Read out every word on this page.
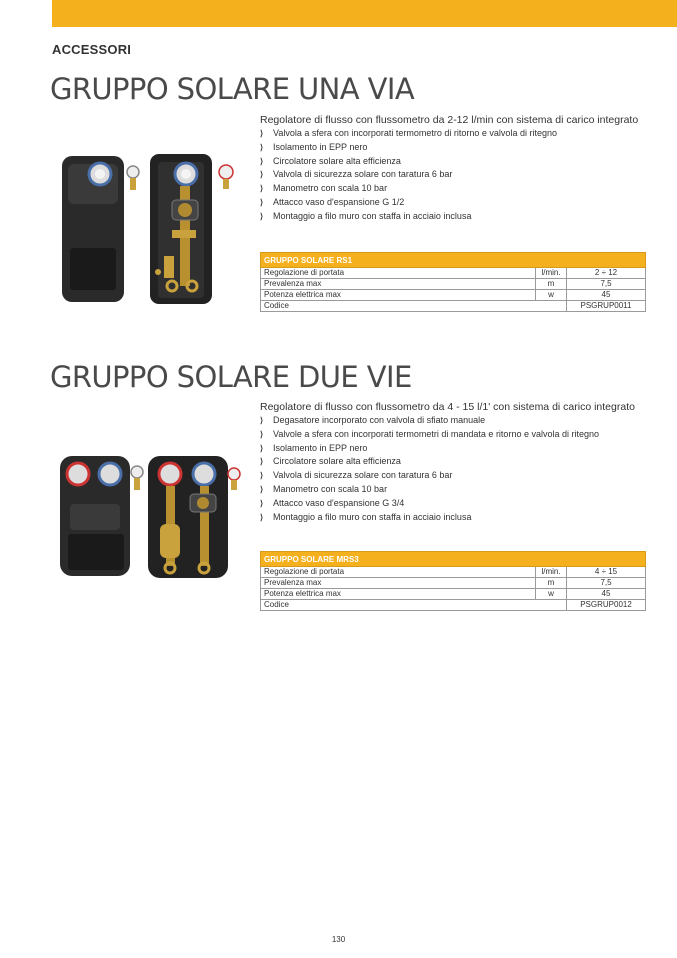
ACCESSORI
GRUPPO SOLARE UNA VIA
Regolatore di flusso con flussometro da 2-12 l/min con sistema di carico integrato
⟩ Valvola a sfera con incorporati termometro di ritorno e valvola di ritegno
⟩ Isolamento in EPP nero
⟩ Circolatore solare alta efficienza
⟩ Valvola di sicurezza solare con taratura 6 bar
⟩ Manometro con scala 10 bar
⟩ Attacco vaso d'espansione G 1/2
⟩ Montaggio a filo muro con staffa in acciaio inclusa
GRUPPO SOLARE RS1		
Regolazione di portata	l/min.	2 ÷ 12
Prevalenza max	m	7,5
Potenza elettrica max	w	45
Codice		PSGRUP0011
GRUPPO SOLARE DUE VIE
Regolatore di flusso con flussometro da 4 - 15 l/1' con sistema di carico integrato
⟩ Degasatore incorporato con valvola di sfiato manuale
⟩ Valvole a sfera con incorporati termometri di mandata e ritorno e valvola di ritegno
⟩ Isolamento in EPP nero
⟩ Circolatore solare alta efficienza
⟩ Valvola di sicurezza solare con taratura 6 bar
⟩ Manometro con scala 10 bar
⟩ Attacco vaso d'espansione G 3/4
⟩ Montaggio a filo muro con staffa in acciaio inclusa
GRUPPO SOLARE MRS3		
Regolazione di portata	l/min.	4 ÷ 15
Prevalenza max	m	7,5
Potenza elettrica max	w	45
Codice		PSGRUP0012
130
